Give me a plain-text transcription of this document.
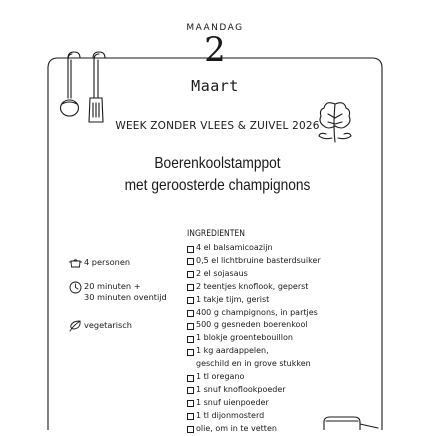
MAANDAG
2
Maart
WEEK ZONDER VLEES & ZUIVEL 2026
Boerenkoolstamppot
met geroosterde champignons
4 personen
20 minuten +
30 minuten oventijd
vegetarisch
INGREDIENTEN
4 el balsamicoazijn
0,5 el lichtbruine basterdsuiker
2 el sojasaus
2 teentjes knoflook, geperst
1 takje tijm, gerist
400 g champignons, in partjes
500 g gesneden boerenkool
1 blokje groentebouillon
1 kg aardappelen,
geschild en in grove stukken
1 tl oregano
1 snuf knoflookpoeder
1 snuf uienpoeder
1 tl dijonmosterd
olie, om in te vetten
